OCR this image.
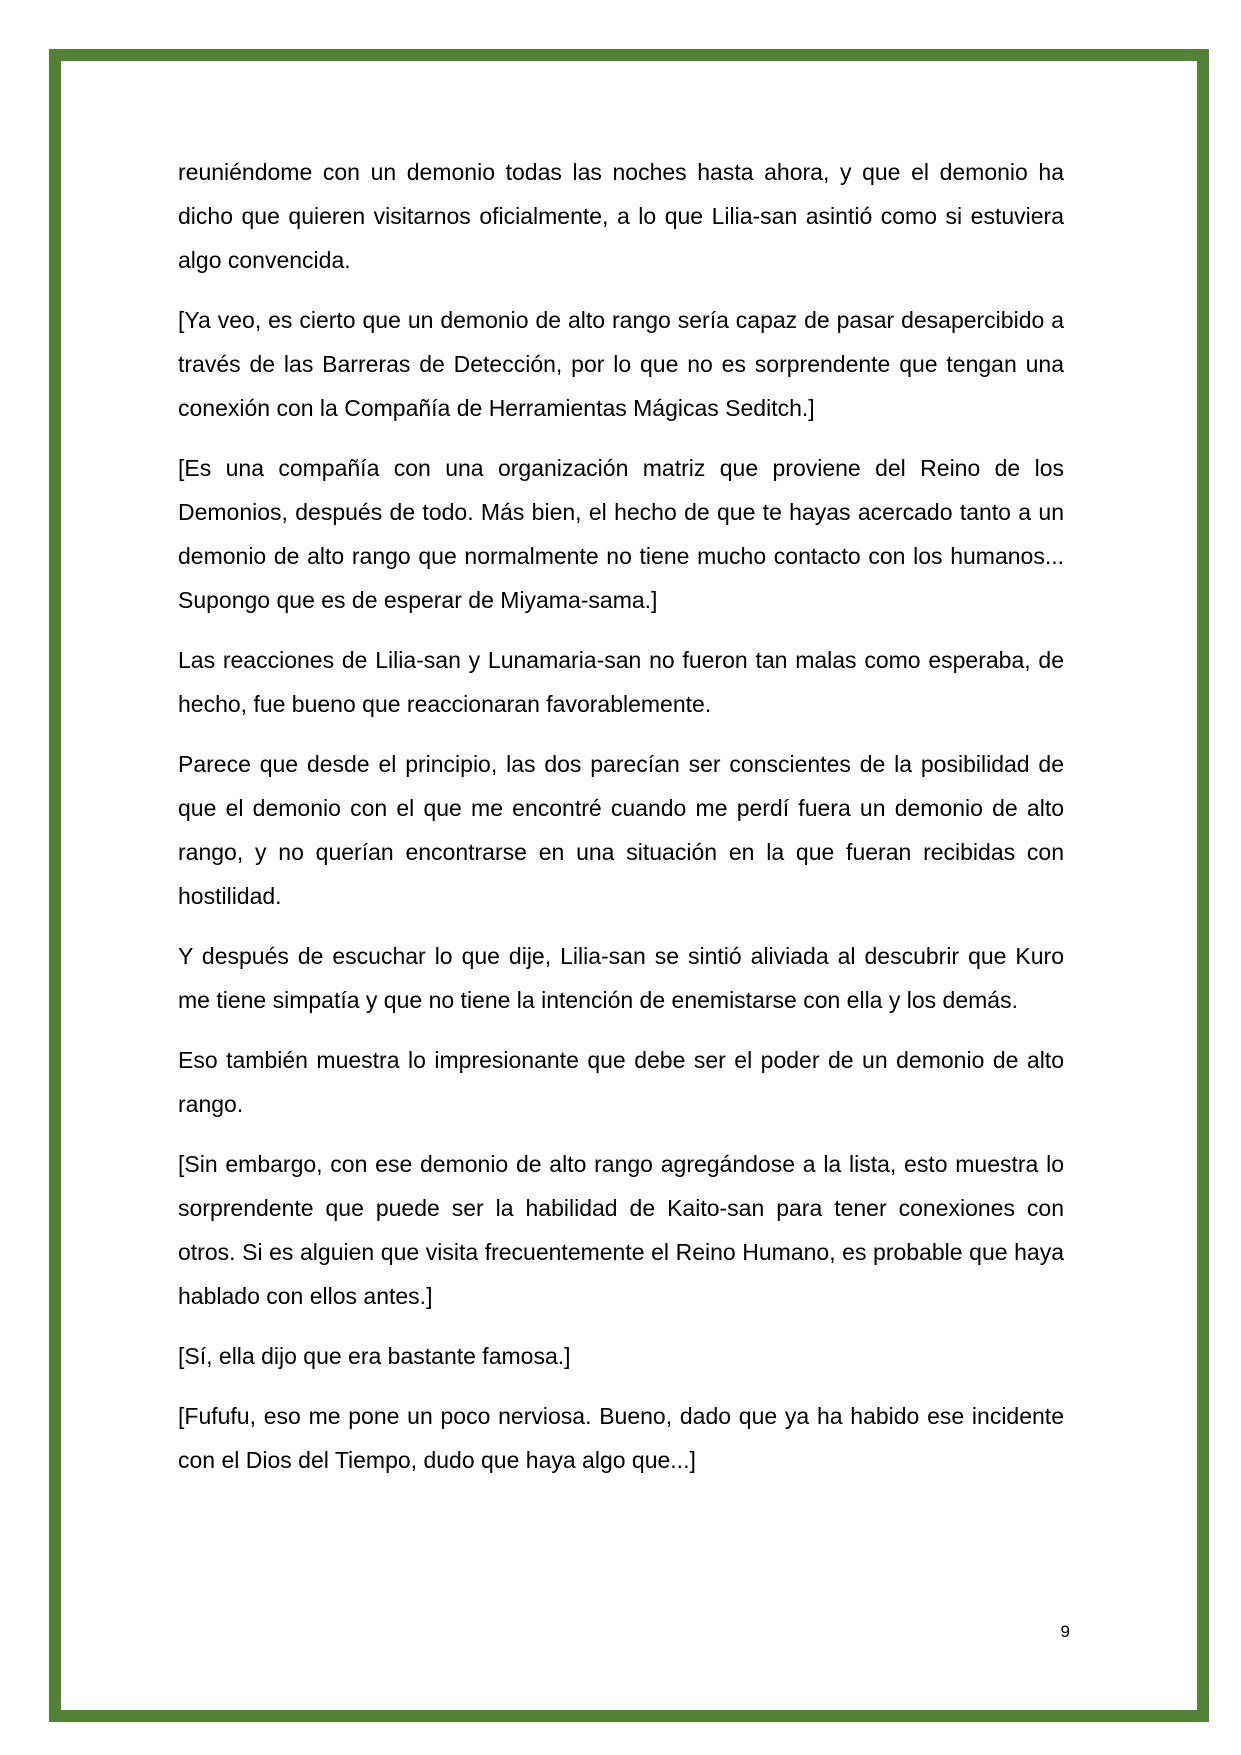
reuniéndome con un demonio todas las noches hasta ahora, y que el demonio ha dicho que quieren visitarnos oficialmente, a lo que Lilia-san asintió como si estuviera algo convencida.

[Ya veo, es cierto que un demonio de alto rango sería capaz de pasar desapercibido a través de las Barreras de Detección, por lo que no es sorprendente que tengan una conexión con la Compañía de Herramientas Mágicas Seditch.]

[Es una compañía con una organización matriz que proviene del Reino de los Demonios, después de todo. Más bien, el hecho de que te hayas acercado tanto a un demonio de alto rango que normalmente no tiene mucho contacto con los humanos... Supongo que es de esperar de Miyama-sama.]

Las reacciones de Lilia-san y Lunamaria-san no fueron tan malas como esperaba, de hecho, fue bueno que reaccionaran favorablemente.

Parece que desde el principio, las dos parecían ser conscientes de la posibilidad de que el demonio con el que me encontré cuando me perdí fuera un demonio de alto rango, y no querían encontrarse en una situación en la que fueran recibidas con hostilidad.

Y después de escuchar lo que dije, Lilia-san se sintió aliviada al descubrir que Kuro me tiene simpatía y que no tiene la intención de enemistarse con ella y los demás.

Eso también muestra lo impresionante que debe ser el poder de un demonio de alto rango.

[Sin embargo, con ese demonio de alto rango agregándose a la lista, esto muestra lo sorprendente que puede ser la habilidad de Kaito-san para tener conexiones con otros. Si es alguien que visita frecuentemente el Reino Humano, es probable que haya hablado con ellos antes.]

[Sí, ella dijo que era bastante famosa.]

[Fufufu, eso me pone un poco nerviosa. Bueno, dado que ya ha habido ese incidente con el Dios del Tiempo, dudo que haya algo que...]

9
